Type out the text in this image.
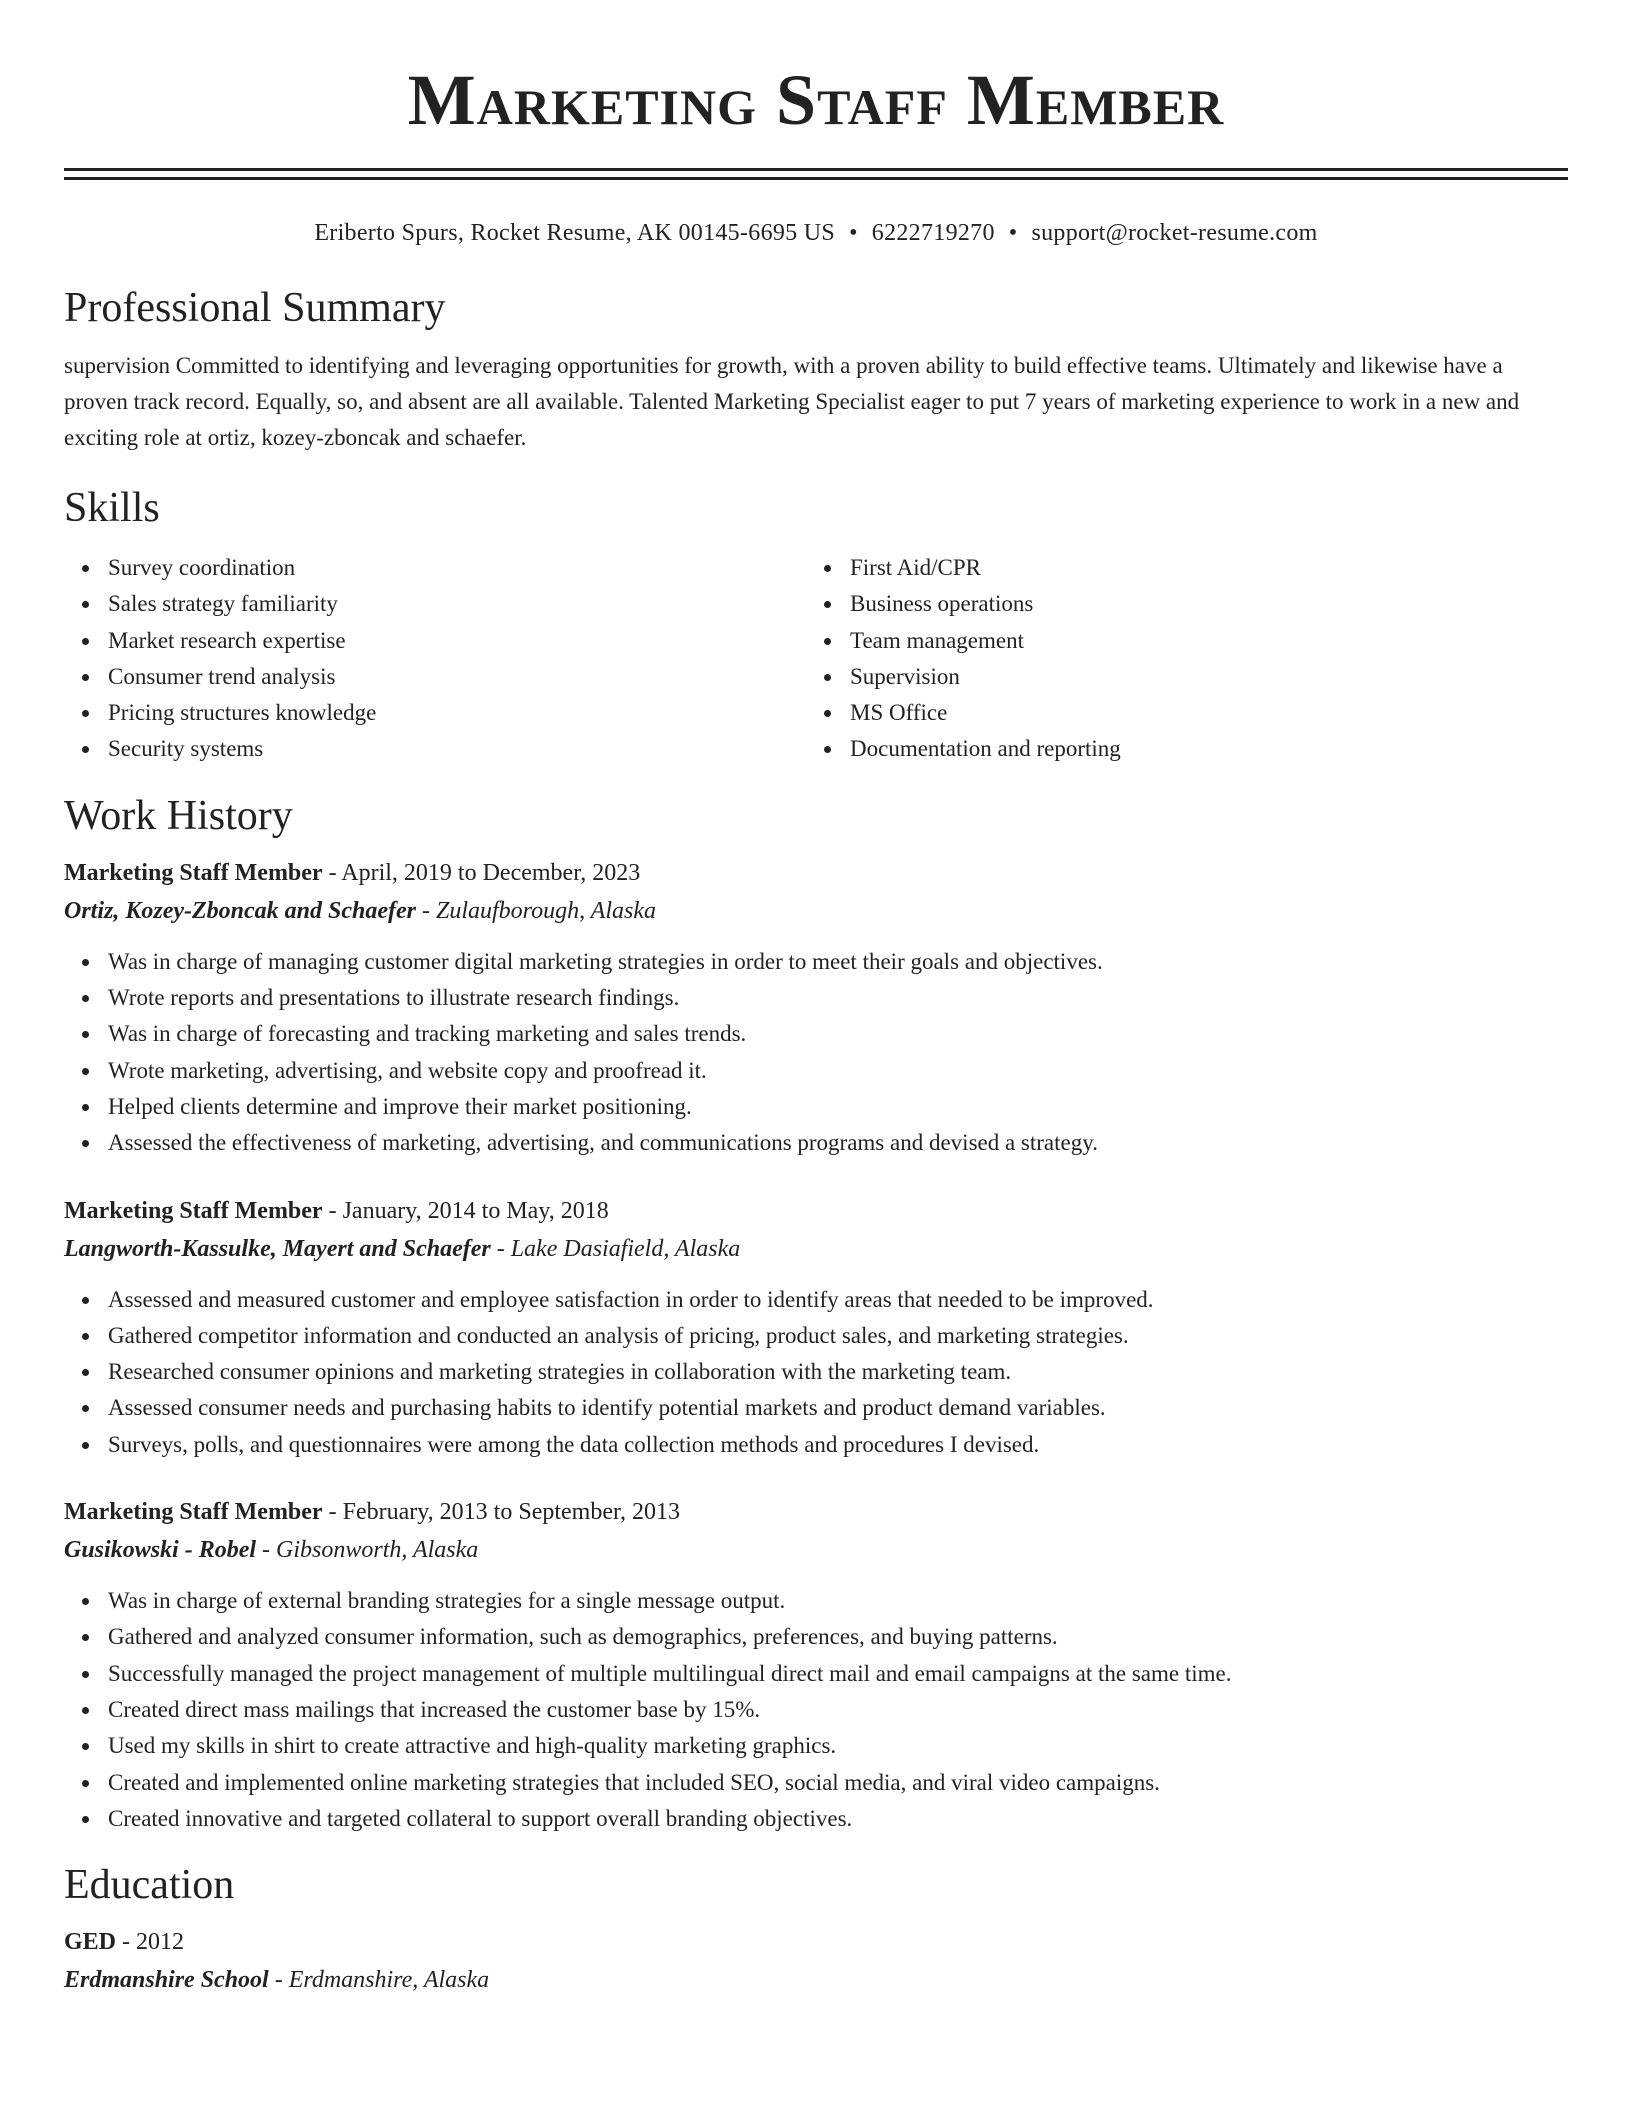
Marketing Staff Member
Eriberto Spurs, Rocket Resume, AK 00145-6695 US • 6222719270 • support@rocket-resume.com
Professional Summary

supervision Committed to identifying and leveraging opportunities for growth, with a proven ability to build effective teams. Ultimately and likewise have a proven track record. Equally, so, and absent are all available. Talented Marketing Specialist eager to put 7 years of marketing experience to work in a new and exciting role at ortiz, kozey-zboncak and schaefer.

Skills
Survey coordination
Sales strategy familiarity
Market research expertise
Consumer trend analysis
Pricing structures knowledge
Security systems
First Aid/CPR
Business operations
Team management
Supervision
MS Office
Documentation and reporting
Work History
Marketing Staff Member - April, 2019 to December, 2023
Ortiz, Kozey-Zboncak and Schaefer - Zulaufborough, Alaska
Was in charge of managing customer digital marketing strategies in order to meet their goals and objectives.
Wrote reports and presentations to illustrate research findings.
Was in charge of forecasting and tracking marketing and sales trends.
Wrote marketing, advertising, and website copy and proofread it.
Helped clients determine and improve their market positioning.
Assessed the effectiveness of marketing, advertising, and communications programs and devised a strategy.
Marketing Staff Member - January, 2014 to May, 2018
Langworth-Kassulke, Mayert and Schaefer - Lake Dasiafield, Alaska
Assessed and measured customer and employee satisfaction in order to identify areas that needed to be improved.
Gathered competitor information and conducted an analysis of pricing, product sales, and marketing strategies.
Researched consumer opinions and marketing strategies in collaboration with the marketing team.
Assessed consumer needs and purchasing habits to identify potential markets and product demand variables.
Surveys, polls, and questionnaires were among the data collection methods and procedures I devised.
Marketing Staff Member - February, 2013 to September, 2013
Gusikowski - Robel - Gibsonworth, Alaska
Was in charge of external branding strategies for a single message output.
Gathered and analyzed consumer information, such as demographics, preferences, and buying patterns.
Successfully managed the project management of multiple multilingual direct mail and email campaigns at the same time.
Created direct mass mailings that increased the customer base by 15%.
Used my skills in shirt to create attractive and high-quality marketing graphics.
Created and implemented online marketing strategies that included SEO, social media, and viral video campaigns.
Created innovative and targeted collateral to support overall branding objectives.
Education
GED - 2012
Erdmanshire School - Erdmanshire, Alaska
